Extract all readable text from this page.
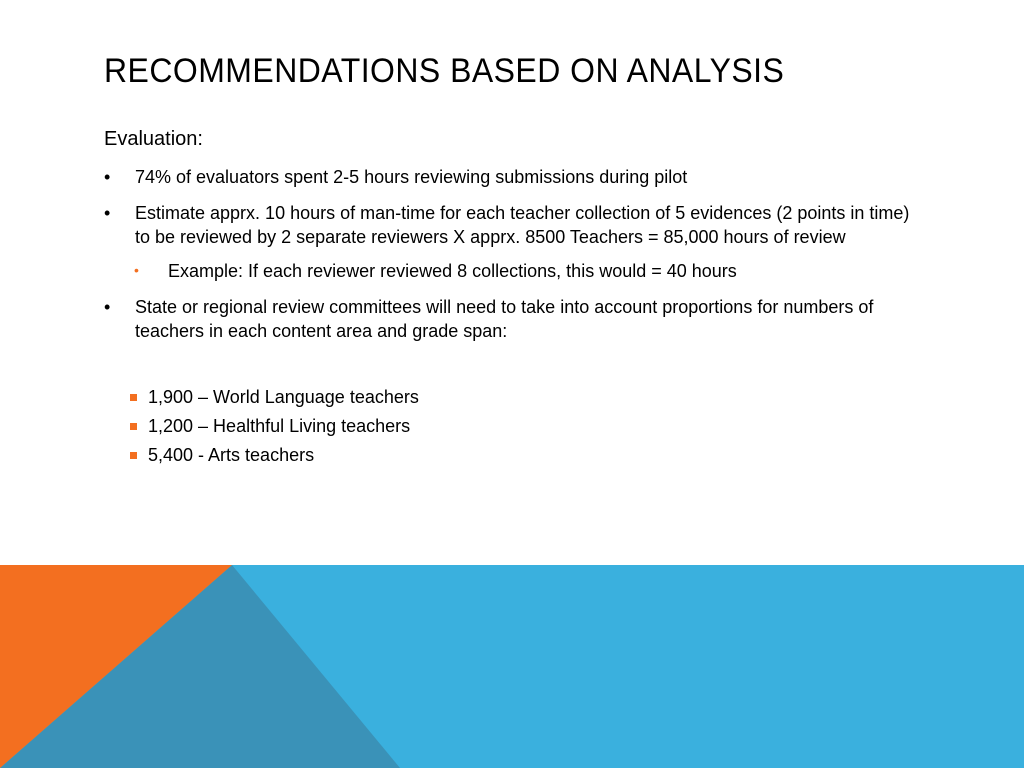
RECOMMENDATIONS BASED ON ANALYSIS
Evaluation:
• 74% of evaluators spent 2-5 hours reviewing submissions during pilot
• Estimate apprx. 10 hours of man-time for each teacher collection of 5 evidences (2 points in time) to be reviewed by 2 separate reviewers X apprx. 8500 Teachers = 85,000 hours of review
• Example: If each reviewer reviewed 8 collections, this would = 40 hours
• State or regional review committees will need to take into account proportions for numbers of teachers in each content area and grade span:
1,900 – World Language teachers
1,200 – Healthful Living teachers
5,400 - Arts teachers
